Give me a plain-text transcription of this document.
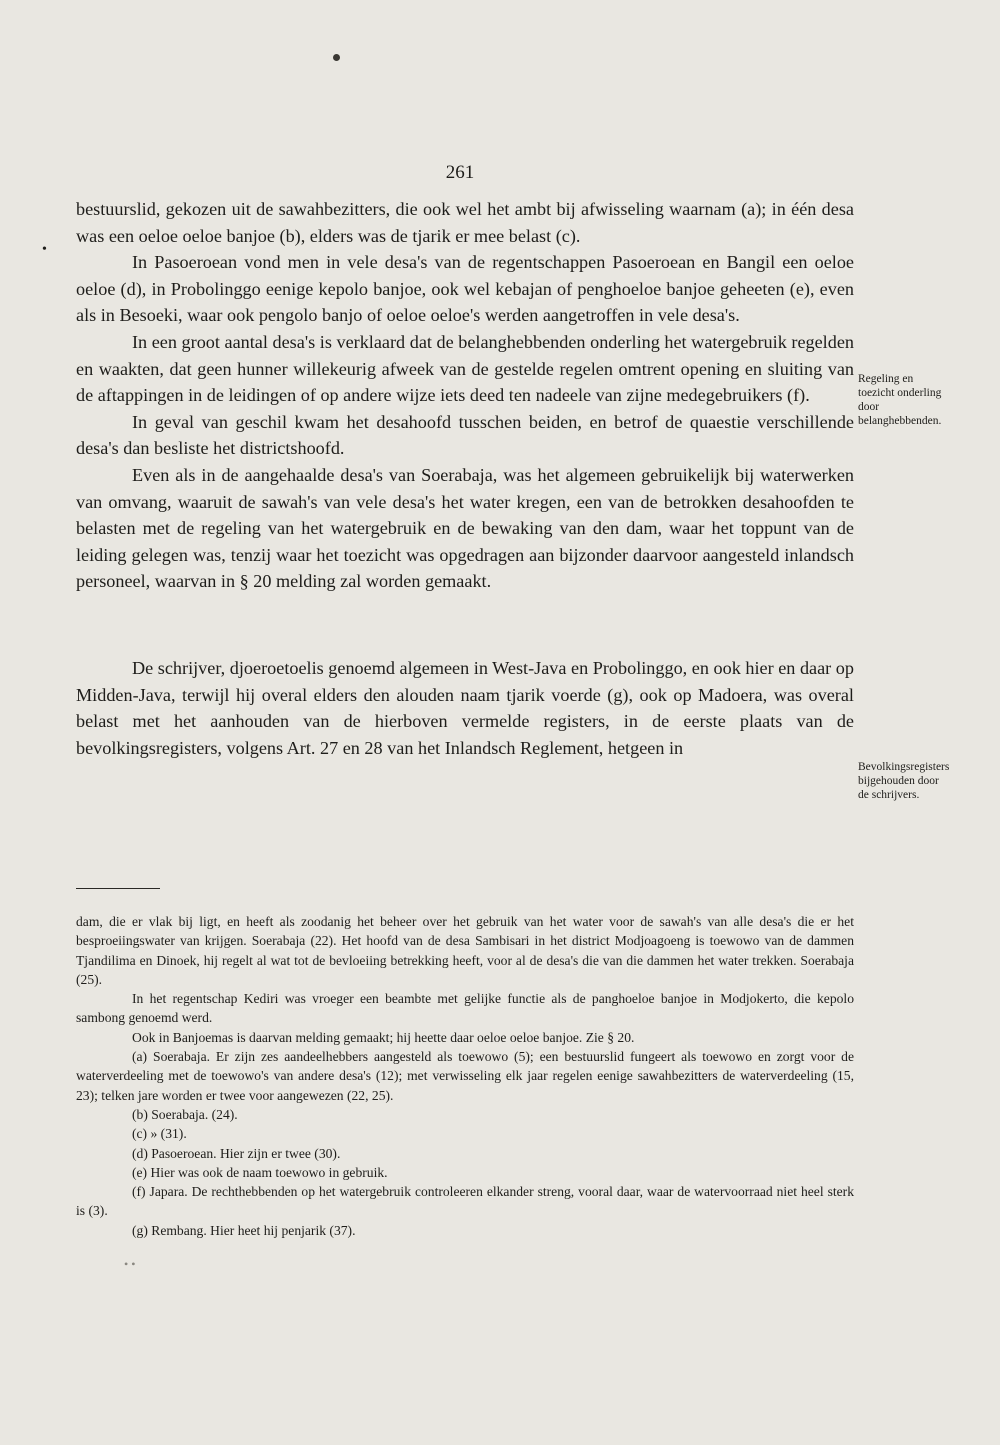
•
261

bestuurslid, gekozen uit de sawahbezitters, die ook wel het ambt bij afwisseling waarnam (a); in één desa was een oeloe oeloe banjoe (b), elders was de tjarik er mee belast (c).

In Pasoeroean vond men in vele desa's van de regentschappen Pasoeroean en Bangil een oeloe oeloe (d), in Probolinggo eenige kepolo banjoe, ook wel kebajan of penghoeloe banjoe geheeten (e), even als in Besoeki, waar ook pengolo banjo of oeloe oeloe's werden aangetroffen in vele desa's.

In een groot aantal desa's is verklaard dat de belanghebbenden onderling het watergebruik regelden en waakten, dat geen hunner willekeurig afweek van de gestelde regelen omtrent opening en sluiting van de aftappingen in de leidingen of op andere wijze iets deed ten nadeele van zijne medegebruikers (f).

In geval van geschil kwam het desahoofd tusschen beiden, en betrof de quaestie verschillende desa's dan besliste het districtshoofd.

Even als in de aangehaalde desa's van Soerabaja, was het algemeen gebruikelijk bij waterwerken van omvang, waaruit de sawah's van vele desa's het water kregen, een van de betrokken desahoofden te belasten met de regeling van het watergebruik en de bewaking van den dam, waar het toppunt van de leiding gelegen was, tenzij waar het toezicht was opgedragen aan bijzonder daarvoor aangesteld inlandsch personeel, waarvan in § 20 melding zal worden gemaakt.

De schrijver, djoeroetoelis genoemd algemeen in West-Java en Probolinggo, en ook hier en daar op Midden-Java, terwijl hij overal elders den alouden naam tjarik voerde (g), ook op Madoera, was overal belast met het aanhouden van de hierboven vermelde registers, in de eerste plaats van de bevolkingsregisters, volgens Art. 27 en 28 van het Inlandsch Reglement, hetgeen in

Regeling en toezicht onderling door belanghebbenden.
Bevolkingsregisters bijgehouden door de schrijvers.

dam, die er vlak bij ligt, en heeft als zoodanig het beheer over het gebruik van het water voor de sawah's van alle desa's die er het besproeiingswater van krijgen. Soerabaja (22). Het hoofd van de desa Sambisari in het district Modjoagoeng is toewowo van de dammen Tjandilima en Dinoek, hij regelt al wat tot de bevloeiing betrekking heeft, voor al de desa's die van die dammen het water trekken. Soerabaja (25).

In het regentschap Kediri was vroeger een beambte met gelijke functie als de panghoeloe banjoe in Modjokerto, die kepolo sambong genoemd werd.

Ook in Banjoemas is daarvan melding gemaakt; hij heette daar oeloe oeloe banjoe. Zie § 20.

(a) Soerabaja. Er zijn zes aandeelhebbers aangesteld als toewowo (5); een bestuurslid fungeert als toewowo en zorgt voor de waterverdeeling met de toewowo's van andere desa's (12); met verwisseling elk jaar regelen eenige sawahbezitters de waterverdeeling (15, 23); telken jare worden er twee voor aangewezen (22, 25).

(b) Soerabaja. (24).

(c) » (31).

(d) Pasoeroean. Hier zijn er twee (30).

(e) Hier was ook de naam toewowo in gebruik.

(f) Japara. De rechthebbenden op het watergebruik controleeren elkander streng, vooral daar, waar de watervoorraad niet heel sterk is (3).

(g) Rembang. Hier heet hij penjarik (37).

• •
